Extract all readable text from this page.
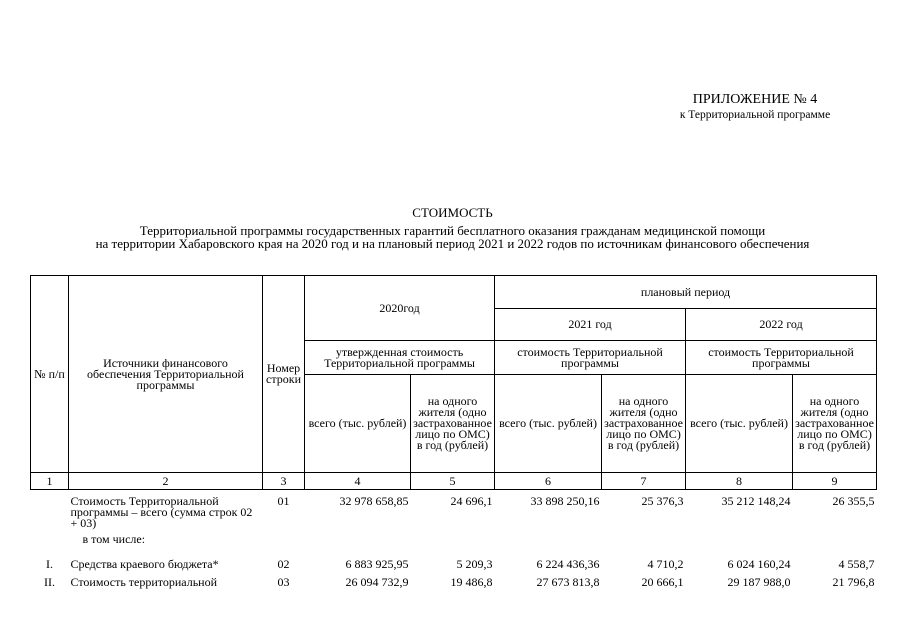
ПРИЛОЖЕНИЕ № 4
к Территориальной программе
СТОИМОСТЬ
Территориальной программы государственных гарантий бесплатного оказания гражданам медицинской помощи
на территории Хабаровского края на 2020 год и на плановый период 2021 и 2022 годов по источникам финансового обеспечения
№ п/п	Источники финансового обеспечения Территориальной программы	Номер строки	2020год		плановый период			
					2021 год		2022 год	
			утвержденная стоимость Территориальной программы		стоимость Территориальной программы		стоимость Территориальной программы	
			всего (тыс. рублей)	на одного жителя (одно застрахованное лицо по ОМС) в год (рублей)	всего (тыс. рублей)	на одного жителя (одно застрахованное лицо по ОМС) в год (рублей)	всего (тыс. рублей)	на одного жителя (одно застрахованное лицо по ОМС) в год (рублей)
1	2	3	4	5	6	7	8	9
	Стоимость Территориальной программы – всего (сумма строк 02 + 03)	01	32 978 658,85	24 696,1	33 898 250,16	25 376,3	35 212 148,24	26 355,5
	в том числе:							
I.	Средства краевого бюджета*	02	6 883 925,95	5 209,3	6 224 436,36	4 710,2	6 024 160,24	4 558,7
II.	Стоимость территориальной	03	26 094 732,9	19 486,8	27 673 813,8	20 666,1	29 187 988,0	21 796,8
